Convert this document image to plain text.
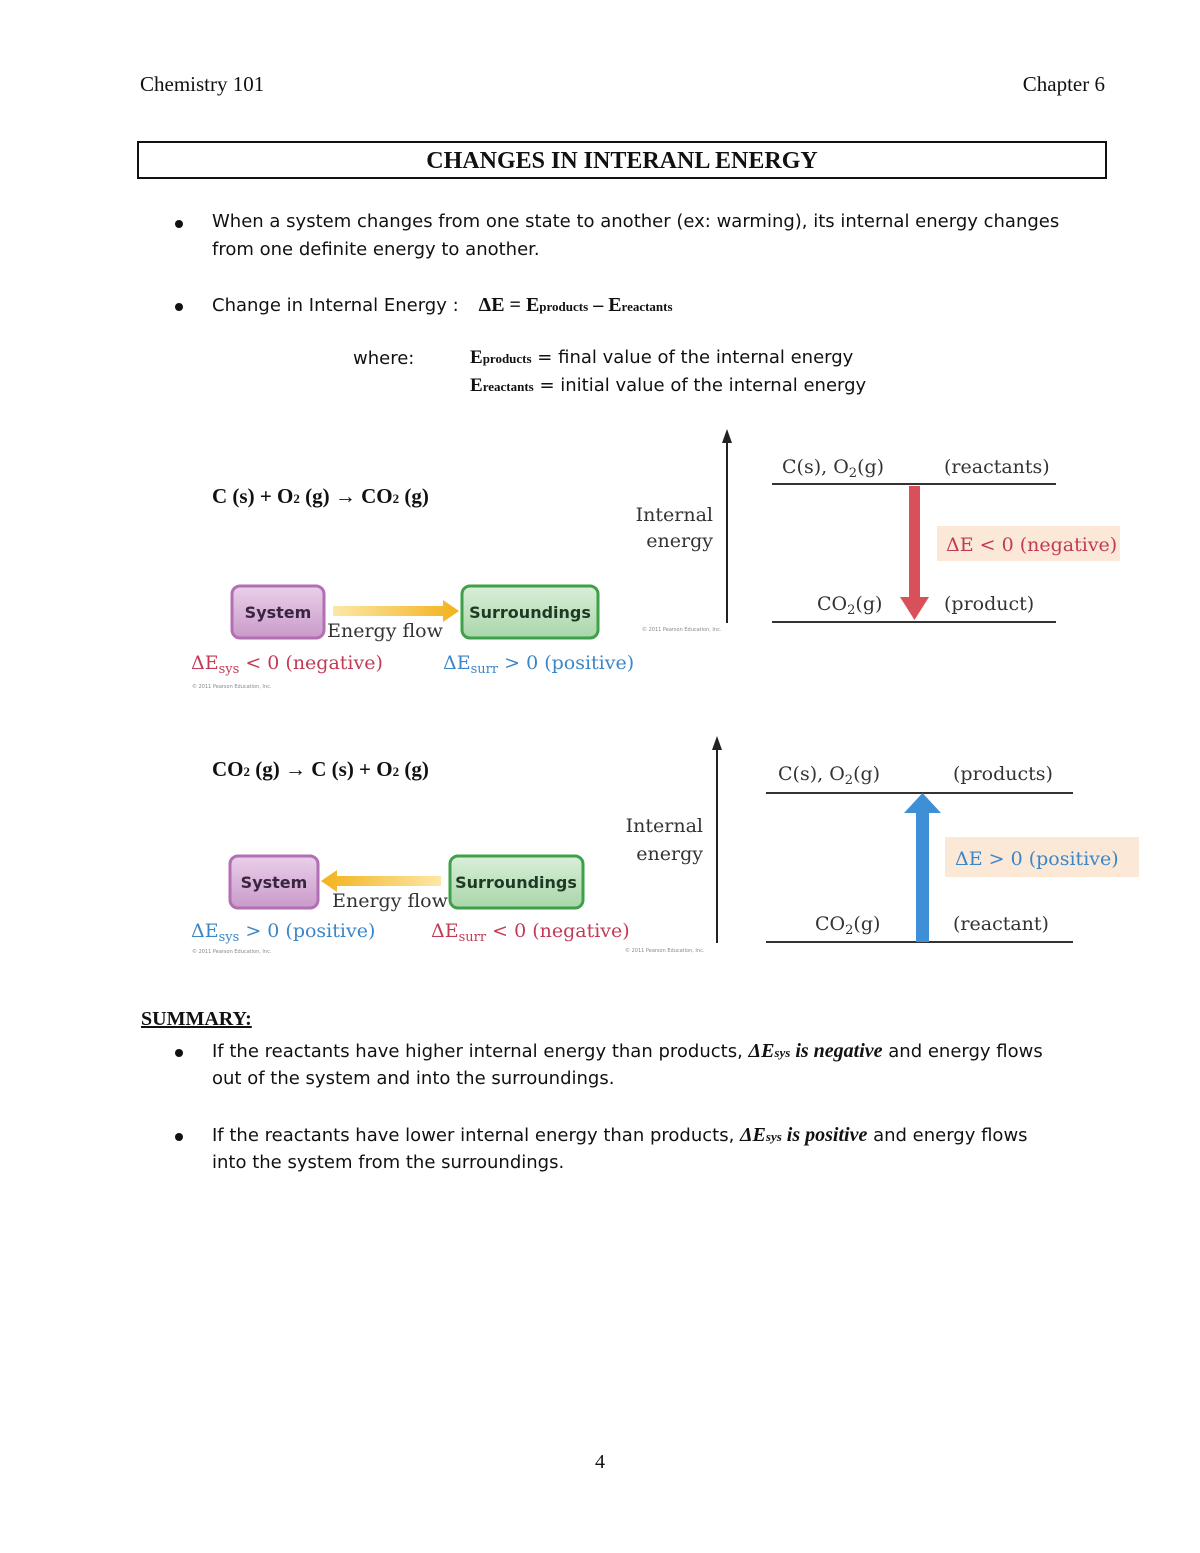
Chemistry 101	Chapter 6
CHANGES IN INTERANL ENERGY
When a system changes from one state to another (ex: warming), its internal energy changes
from one definite energy to another.
Change in Internal Energy : ΔE = Eproducts – Ereactants
where:	Eproducts = final value of the internal energy
Ereactants = initial value of the internal energy
C (s) + O2 (g) → CO2 (g)
System
Energy flow
Surroundings
$\Delta E_{sys} < 0$ (negative)	$\Delta E_{surr} > 0$ (positive)
© 2011 Pearson Education, Inc.
Internal
energy
C(s), $O_2(g)$	(reactants)
$CO_2(g)$	(product)
ΔE < 0 (negative)
© 2011 Pearson Education, Inc.
CO2 (g) → C (s) + O2 (g)
System
Energy flow
Surroundings
$\Delta E_{sys} > 0$ (positive)	$\Delta E_{surr} < 0$ (negative)
© 2011 Pearson Education, Inc.
Internal
energy
C(s), $O_2(g)$	(products)
$CO_2(g)$	(reactant)
ΔE > 0 (positive)
© 2011 Pearson Education, Inc.
SUMMARY:
If the reactants have higher internal energy than products, ΔEsys is negative and energy flows
out of the system and into the surroundings.
If the reactants have lower internal energy than products, ΔEsys is positive and energy flows
into the system from the surroundings.
4
